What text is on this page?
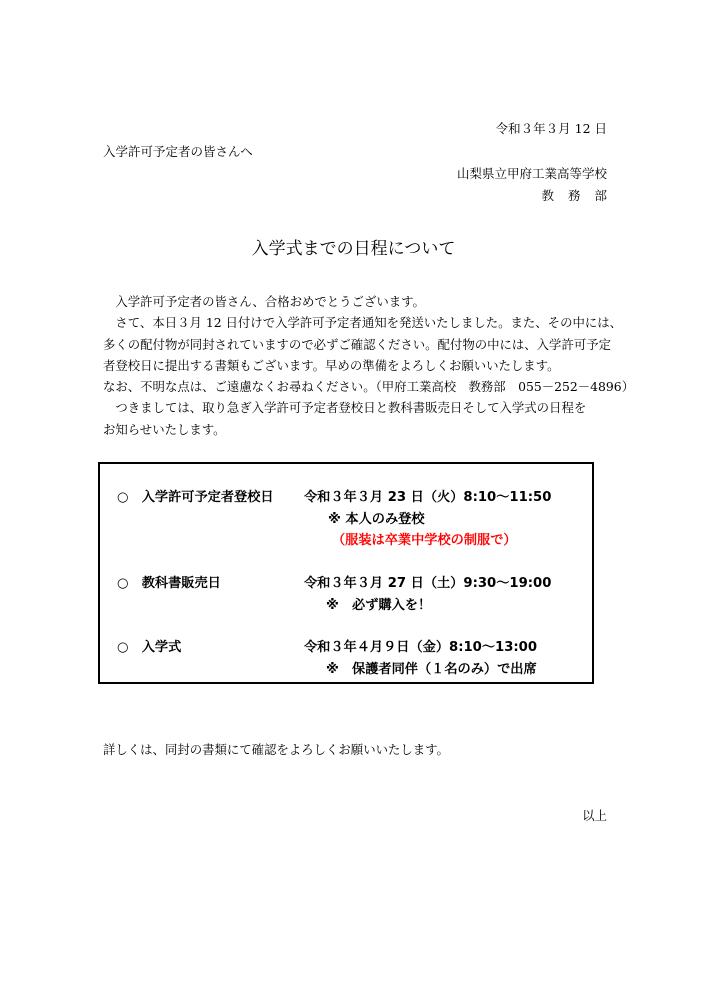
令和３年３月 12 日
入学許可予定者の皆さんへ
山梨県立甲府工業高等学校
教務部
入学式までの日程について

入学許可予定者の皆さん、合格おめでとうございます。

さて、本日３月 12 日付けで入学許可予定者通知を発送いたしました。また、その中には、

多くの配付物が同封されていますので必ずご確認ください。配付物の中には、入学許可予定

者登校日に提出する書類もございます。早めの準備をよろしくお願いいたします。

なお、不明な点は、ご遠慮なくお尋ねください。（甲府工業高校　教務部　055－252－4896）

つきましては、取り急ぎ入学許可予定者登校日と教科書販売日そして入学式の日程を

お知らせいたします。

○　入学許可予定者登校日 令和３年３月 23 日（火）8:10～11:50
※ 本人のみ登校
（服装は卒業中学校の制服で）
○　教科書販売日	令和３年３月 27 日（土）9:30～19:00
※　必ず購入を！
○　入学式	令和３年４月９日（金）8:10～13:00
※　保護者同伴（１名のみ）で出席
詳しくは、同封の書類にて確認をよろしくお願いいたします。
以上
